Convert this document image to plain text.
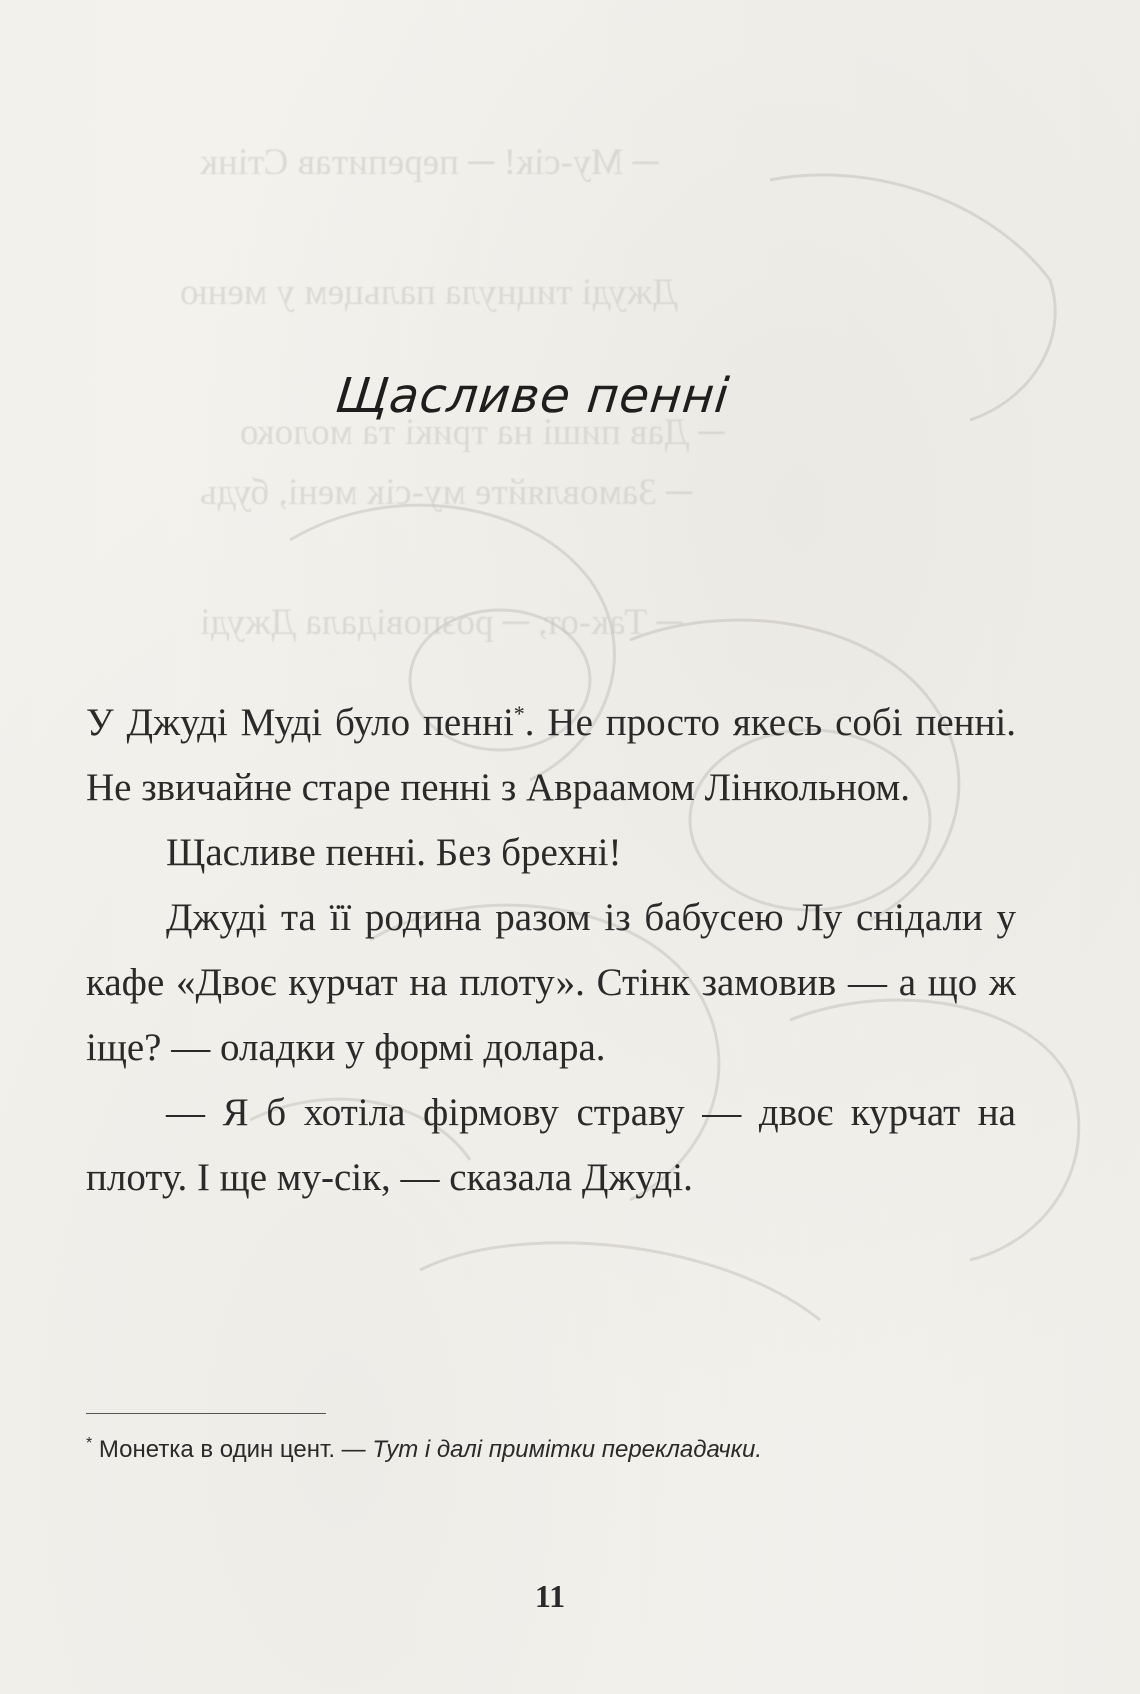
─ Му-сік! ─ перепитав Стінк
Джуді тицнула пальцем у меню
─ Дав пиші на трикі та молоко
─ Замовляйте му-сік мені, будь
─ Так-от, ─ розповідала Джуді
Щасливе пенні

У Джуді Муді було пенні*. Не просто якесь собі пенні. Не звичайне старе пенні з Авраамом Лінкольном.

Щасливе пенні. Без брехні!

Джуді та її родина разом із бабусею Лу снідали у кафе «Двоє курчат на плоту». Стінк замовив — а що ж іще? — оладки у формі долара.

— Я б хотіла фірмову страву — двоє курчат на плоту. І ще му-сік, — сказала Джуді.

* Монетка в один цент. — Тут і далі примітки перекладачки.
11
